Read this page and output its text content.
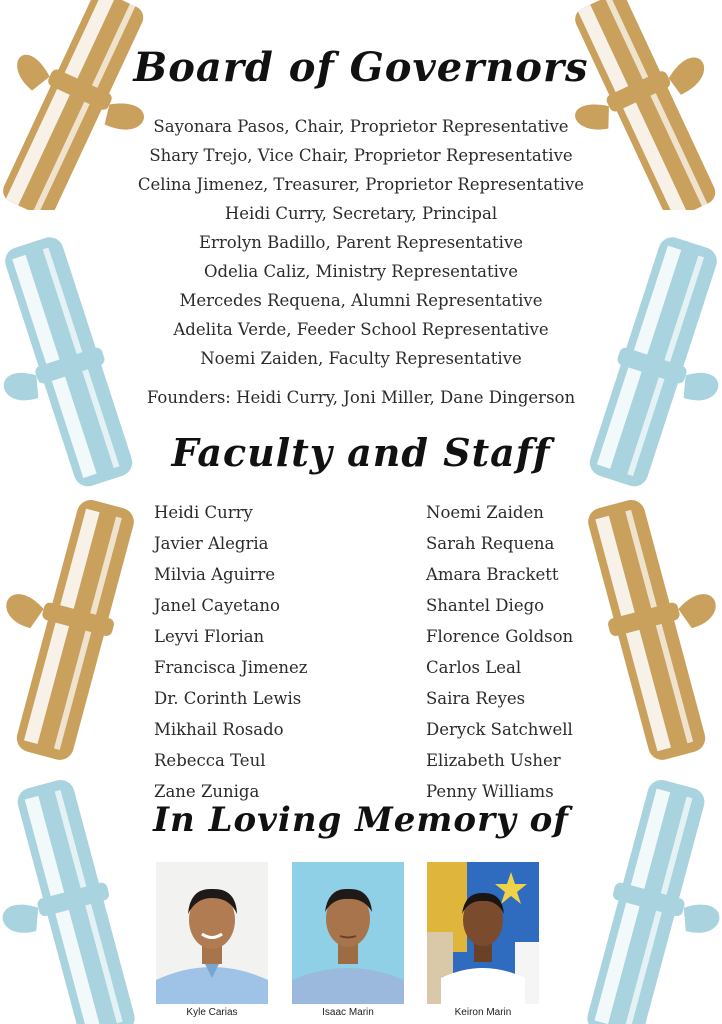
Board of Governors
Sayonara Pasos, Chair, Proprietor Representative
Shary Trejo, Vice Chair, Proprietor Representative
Celina Jimenez, Treasurer, Proprietor Representative
Heidi Curry, Secretary, Principal
Errolyn Badillo, Parent Representative
Odelia Caliz, Ministry Representative
Mercedes Requena, Alumni Representative
Adelita Verde, Feeder School Representative
Noemi Zaiden, Faculty Representative
Founders: Heidi Curry, Joni Miller, Dane Dingerson
Faculty and Staff
Heidi Curry
Javier Alegria
Milvia Aguirre
Janel Cayetano
Leyvi Florian
Francisca Jimenez
Dr. Corinth Lewis
Mikhail Rosado
Rebecca Teul
Zane Zuniga
Noemi Zaiden
Sarah Requena
Amara Brackett
Shantel Diego
Florence Goldson
Carlos Leal
Saira Reyes
Deryck Satchwell
Elizabeth Usher
Penny Williams
In Loving Memory of
Kyle Carias	Isaac Marin	Keiron Marin
